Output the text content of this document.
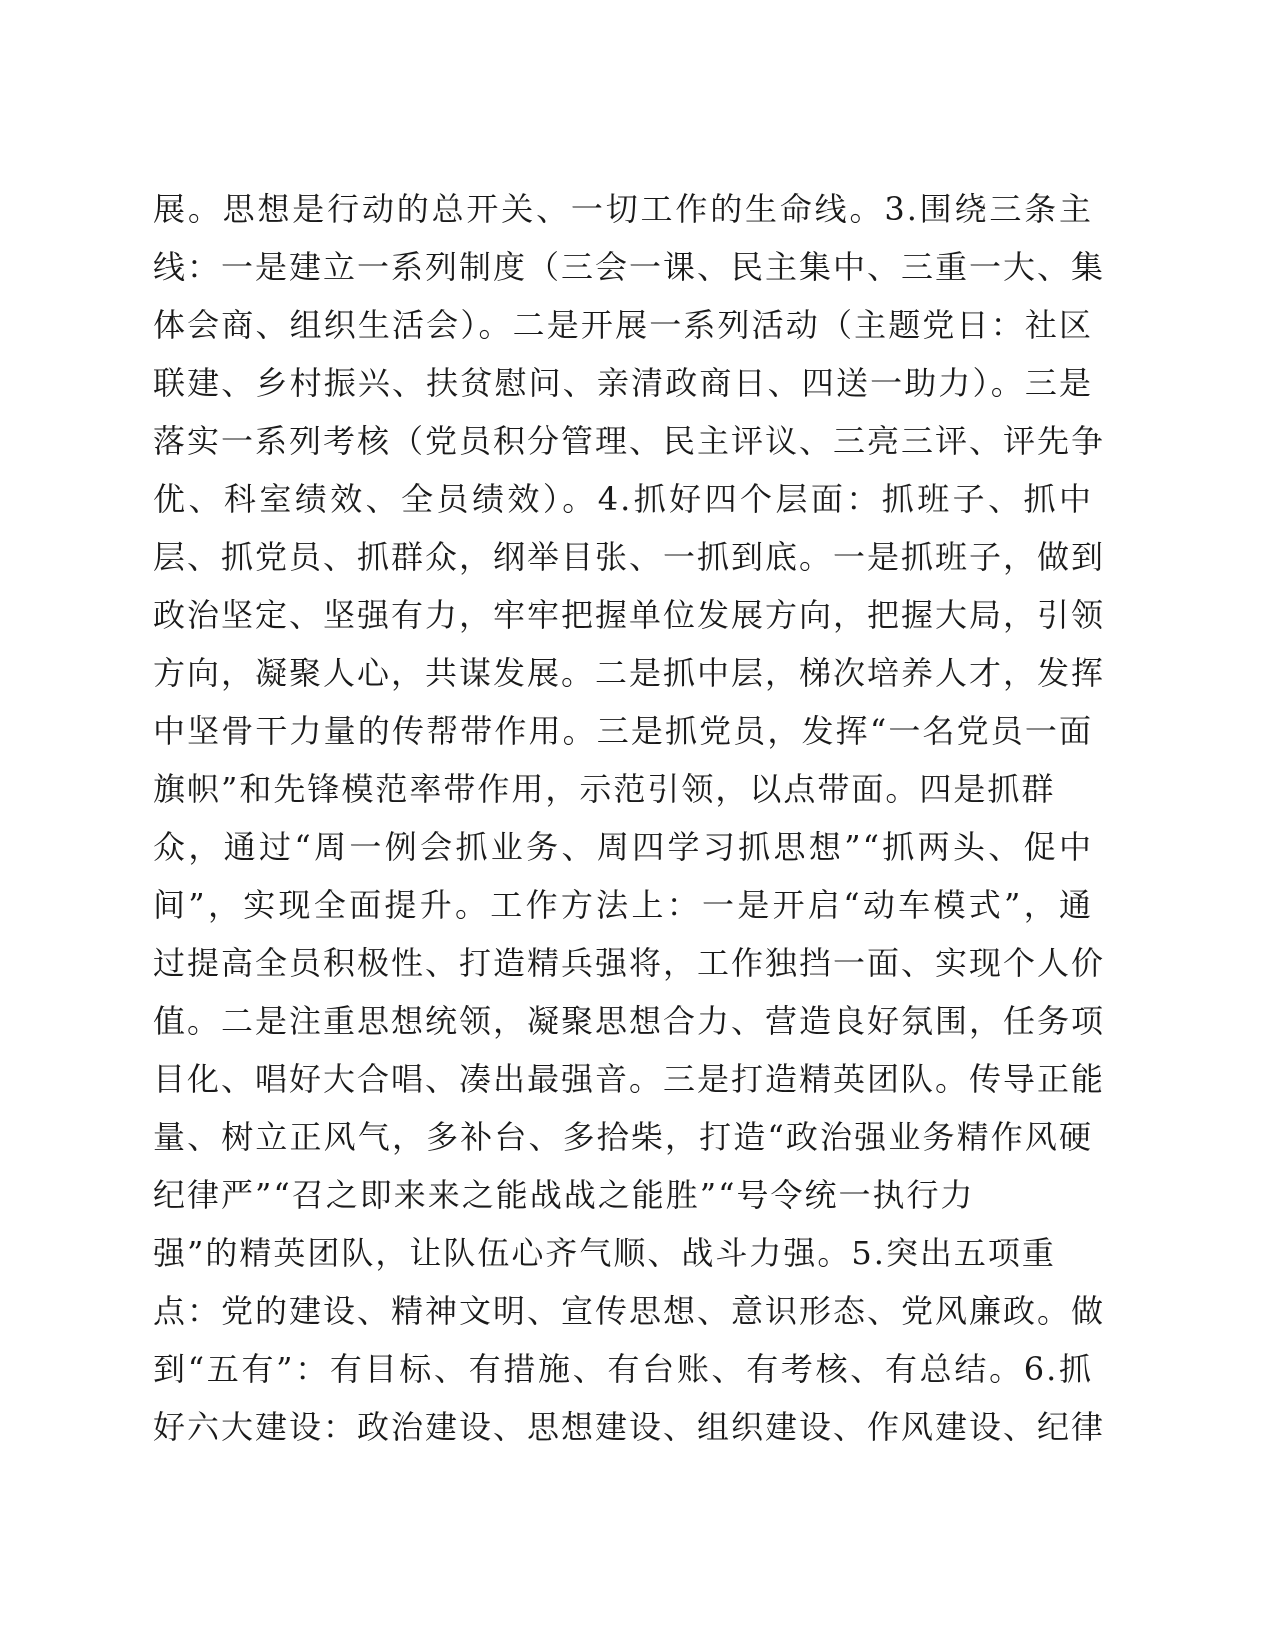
展。思想是行动的总开关、一切工作的生命线。3.围绕三条主
线：一是建立一系列制度（三会一课、民主集中、三重一大、集
体会商、组织生活会）。二是开展一系列活动（主题党日：社区
联建、乡村振兴、扶贫慰问、亲清政商日、四送一助力）。三是
落实一系列考核（党员积分管理、民主评议、三亮三评、评先争
优、科室绩效、全员绩效）。4.抓好四个层面：抓班子、抓中
层、抓党员、抓群众，纲举目张、一抓到底。一是抓班子，做到
政治坚定、坚强有力，牢牢把握单位发展方向，把握大局，引领
方向，凝聚人心，共谋发展。二是抓中层，梯次培养人才，发挥
中坚骨干力量的传帮带作用。三是抓党员，发挥“一名党员一面
旗帜”和先锋模范率带作用，示范引领，以点带面。四是抓群
众，通过“周一例会抓业务、周四学习抓思想”“抓两头、促中
间”，实现全面提升。工作方法上：一是开启“动车模式”，通
过提高全员积极性、打造精兵强将，工作独挡一面、实现个人价
值。二是注重思想统领，凝聚思想合力、营造良好氛围，任务项
目化、唱好大合唱、凑出最强音。三是打造精英团队。传导正能
量、树立正风气，多补台、多拾柴，打造“政治强业务精作风硬
纪律严”“召之即来来之能战战之能胜”“号令统一执行力
强”的精英团队，让队伍心齐气顺、战斗力强。5.突出五项重
点：党的建设、精神文明、宣传思想、意识形态、党风廉政。做
到“五有”：有目标、有措施、有台账、有考核、有总结。6.抓
好六大建设：政治建设、思想建设、组织建设、作风建设、纪律
